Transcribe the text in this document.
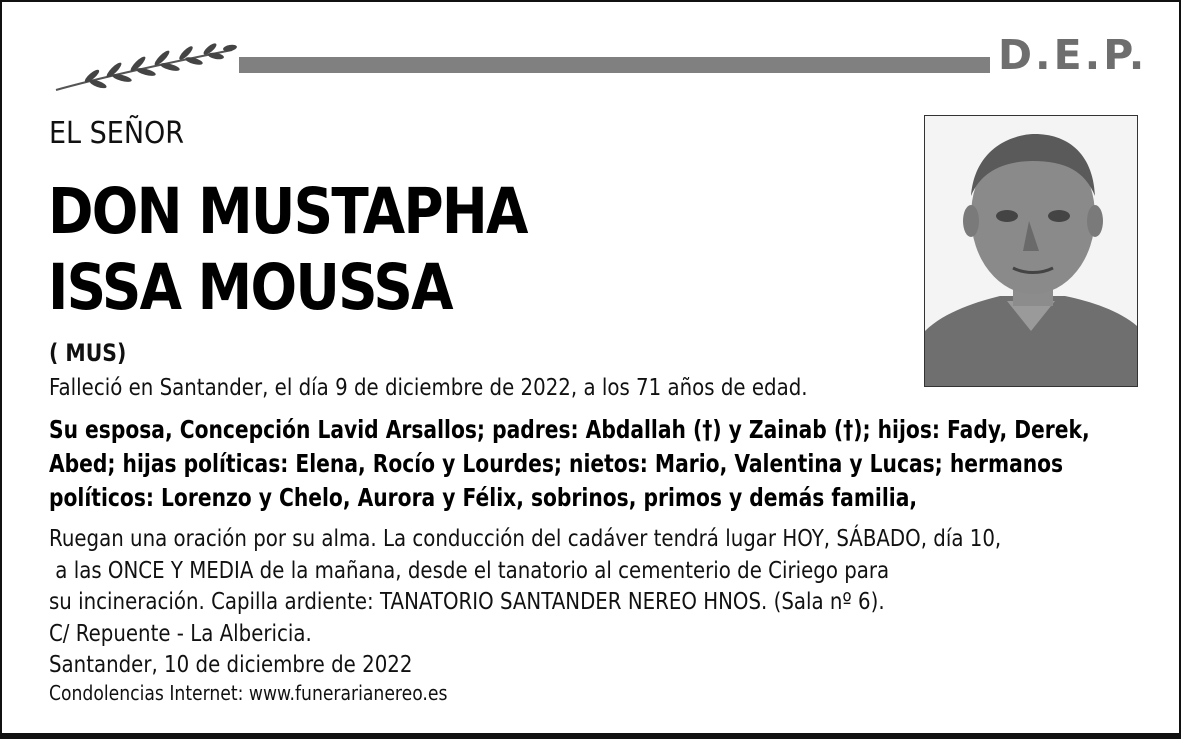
D.E.P.
EL SEÑOR
DON MUSTAPHA
ISSA MOUSSA
( MUS)
Falleció en Santander, el día 9 de diciembre de 2022, a los 71 años de edad.
Su esposa, Concepción Lavid Arsallos; padres: Abdallah (†) y Zainab (†); hijos: Fady, Derek,
Abed; hijas políticas: Elena, Rocío y Lourdes; nietos: Mario, Valentina y Lucas; hermanos
políticos: Lorenzo y Chelo, Aurora y Félix, sobrinos, primos y demás familia,
Ruegan una oración por su alma. La conducción del cadáver tendrá lugar HOY, SÁBADO, día 10,
a las ONCE Y MEDIA de la mañana, desde el tanatorio al cementerio de Ciriego para
su incineración. Capilla ardiente: TANATORIO SANTANDER NEREO HNOS. (Sala nº 6).
C/ Repuente - La Albericia.
Santander, 10 de diciembre de 2022
Condolencias Internet: www.funerarianereo.es
